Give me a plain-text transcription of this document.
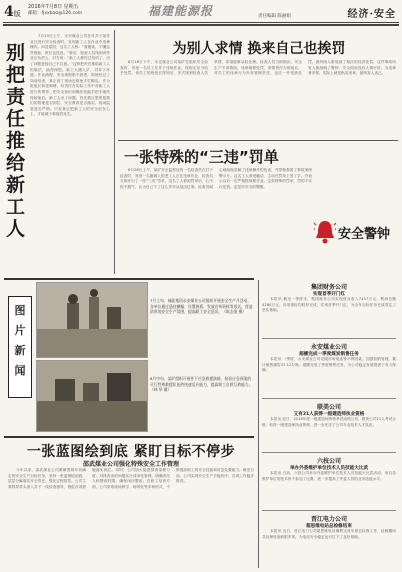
4版
2016年7月8日 星期五
邮箱：fjxxbao@126.com	福建能源报	责任编辑 陈丽娟	经济·安全
别把责任推给新工人

7月19日上午，永安煤业公司在对井下某作业区进行安全检查时，发现新工人在作业中违章操作。问及原因，这名工人称：“我刚来，不懂这些规矩，班长也没说。”事后，检查人员找到该作业区负责人，对方说：“新工人都经过培训了，出了问题是他自己不注意。”这种把责任推给新工人的做法，值得深思。新工人刚入矿，对井下环境、作业流程、安全规程都不熟悉，即使经过了岗前培训，真正到了现场也难免手忙脚乱。作为班组长和老师傅，有责任在实际工作中对新工人进行传帮带，把安全知识和操作技能手把手地传授给他们。新工人出了问题，首先要反思的是我们的管理是否到位、安全教育是否落实、现场监管是否严格。只有真正把新工人的安全放在心上，才能减少事故的发生。

为别人求情 换来自己也挨罚

6月18日下午，永定煤业公司某矿在组织安全检查时，发现一名员工在井下违规作业，按规定应当给予处罚。该员工的班组长得知后，多次找到检查人员求情，希望能够从轻处理。检查人员当即指出，安全生产不讲情面，违章就要受罚，求情者作为班组长，对员工的违章行为负有管理责任，也应一并受到处罚。最终两人都受到了相应的经济处罚。这件事给所有人都敲响了警钟：安全面前没有人情可讲，为违章者求情，实际上就是纵容违章，最终害人害己。

一张特殊的“三违”罚单

6月28日上午，某矿安全监察处的一名检查员在井下检查时，发现一名刚调入的老工人正在违章作业，检查员当即开出了一张“三违”罚单。这名工人看到罚单后，心中很不服气，认为自己干了这么多年从没出过事。检查员耐心地给他讲解了违章操作的危害，并带他观看了事故案例警示片。这名工人深受触动，主动在罚单上签了字，并表示以后一定严格按规程作业。这张特殊的罚单，罚的不仅仅是钱，更是对安全的警醒。

安全警钟
图片新闻
7月上旬，福能集团永安煤业公司组织开展安全生产月活动，各单位通过悬挂横幅、设置展板、发放宣传资料等形式，营造浓厚的安全生产氛围，提高职工安全意识。（陈志强 摄）
6月中旬，某矿组织开展井下应急救援演练，检验应急预案的可行性和救援队伍的快速反应能力，提高职工自救互救能力。（林 华 摄）
一张蓝图绘到底 紧盯目标不停步
邵武煤业公司强化特殊安全工作管理

今年以来，邵武煤业公司紧紧围绕年初确定的安全生产目标任务，坚持一张蓝图绘到底，层层分解落实安全责任，强化过程管控。公司主要领导带头深入井下一线检查指导，督促各项措施落实到位。同时，公司加大隐患排查治理力度，对排查出的问题实行清单化管理，明确责任人和整改时限，确保闭环整改。在职工培训方面，公司采取现场教学、师带徒等多种形式，不断提高职工的安全技能和应急处置能力。截至目前，公司实现安全生产平稳有序，各项工作稳步推进。

集团财务公司
实现首季开门红

本报讯 截至一季度末，集团财务公司实现营业收入7457万元，利润总额4280万元，各项指标均较好完成，实现首季开门红，为全年目标任务完成奠定了坚实基础。

永安煤业公司
超额完成一季度煤炭销售任务

本报讯 一季度，永安煤业公司克服市场低迷等不利因素，加强营销管理，累计销售煤炭37.12万吨，超额完成了季度销售任务，为公司稳定发展提供了有力保障。

联美公司
又有21人获得一级建造师执业资格

本报讯 近日，2016年度一级建造师资格考试成绩公布，联美公司21人考试合格，取得一级建造师执业资格，进一步充实了公司专业技术人才队伍。

六枝公司
举办外委维护单位技术人员技能大比武

本报讯 日前，六枝公司举办外委维护单位技术人员技能大比武活动，来自各维护单位的技术骨干参加了比赛，进一步提高了外委人员的业务技能水平。

晋江电力公司
超思维电站总检修结束

本报讯 近日，晋江电力公司超思维电站顺利完成年度总检修工作，检修期间共处理设备缺陷多项，为电站安全稳定运行打下了良好基础。
